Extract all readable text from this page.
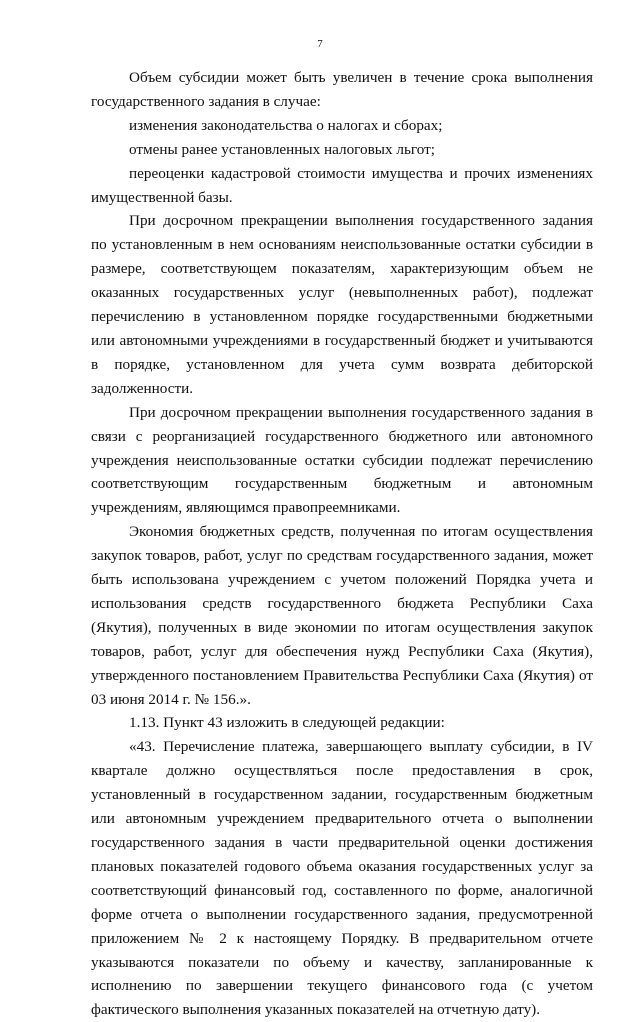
7

Объем субсидии может быть увеличен в течение срока выполнения государственного задания в случае:

изменения законодательства о налогах и сборах;

отмены ранее установленных налоговых льгот;

переоценки кадастровой стоимости имущества и прочих изменениях имущественной базы.

При досрочном прекращении выполнения государственного задания по установленным в нем основаниям неиспользованные остатки субсидии в размере, соответствующем показателям, характеризующим объем не оказанных государственных услуг (невыполненных работ), подлежат перечислению в установленном порядке государственными бюджетными или автономными учреждениями в государственный бюджет и учитываются в порядке, установленном для учета сумм возврата дебиторской задолженности.

При досрочном прекращении выполнения государственного задания в связи с реорганизацией государственного бюджетного или автономного учреждения неиспользованные остатки субсидии подлежат перечислению соответствующим государственным бюджетным и автономным учреждениям, являющимся правопреемниками.

Экономия бюджетных средств, полученная по итогам осуществления закупок товаров, работ, услуг по средствам государственного задания, может быть использована учреждением с учетом положений Порядка учета и использования средств государственного бюджета Республики Саха (Якутия), полученных в виде экономии по итогам осуществления закупок товаров, работ, услуг для обеспечения нужд Республики Саха (Якутия), утвержденного постановлением Правительства Республики Саха (Якутия) от 03 июня 2014 г. № 156.».

1.13. Пункт 43 изложить в следующей редакции:

«43. Перечисление платежа, завершающего выплату субсидии, в IV квартале должно осуществляться после предоставления в срок, установленный в государственном задании, государственным бюджетным или автономным учреждением предварительного отчета о выполнении государственного задания в части предварительной оценки достижения плановых показателей годового объема оказания государственных услуг за соответствующий финансовый год, составленного по форме, аналогичной форме отчета о выполнении государственного задания, предусмотренной приложением № 2 к настоящему Порядку. В предварительном отчете указываются показатели по объему и качеству, запланированные к исполнению по завершении текущего финансового года (с учетом фактического выполнения указанных показателей на отчетную дату).
